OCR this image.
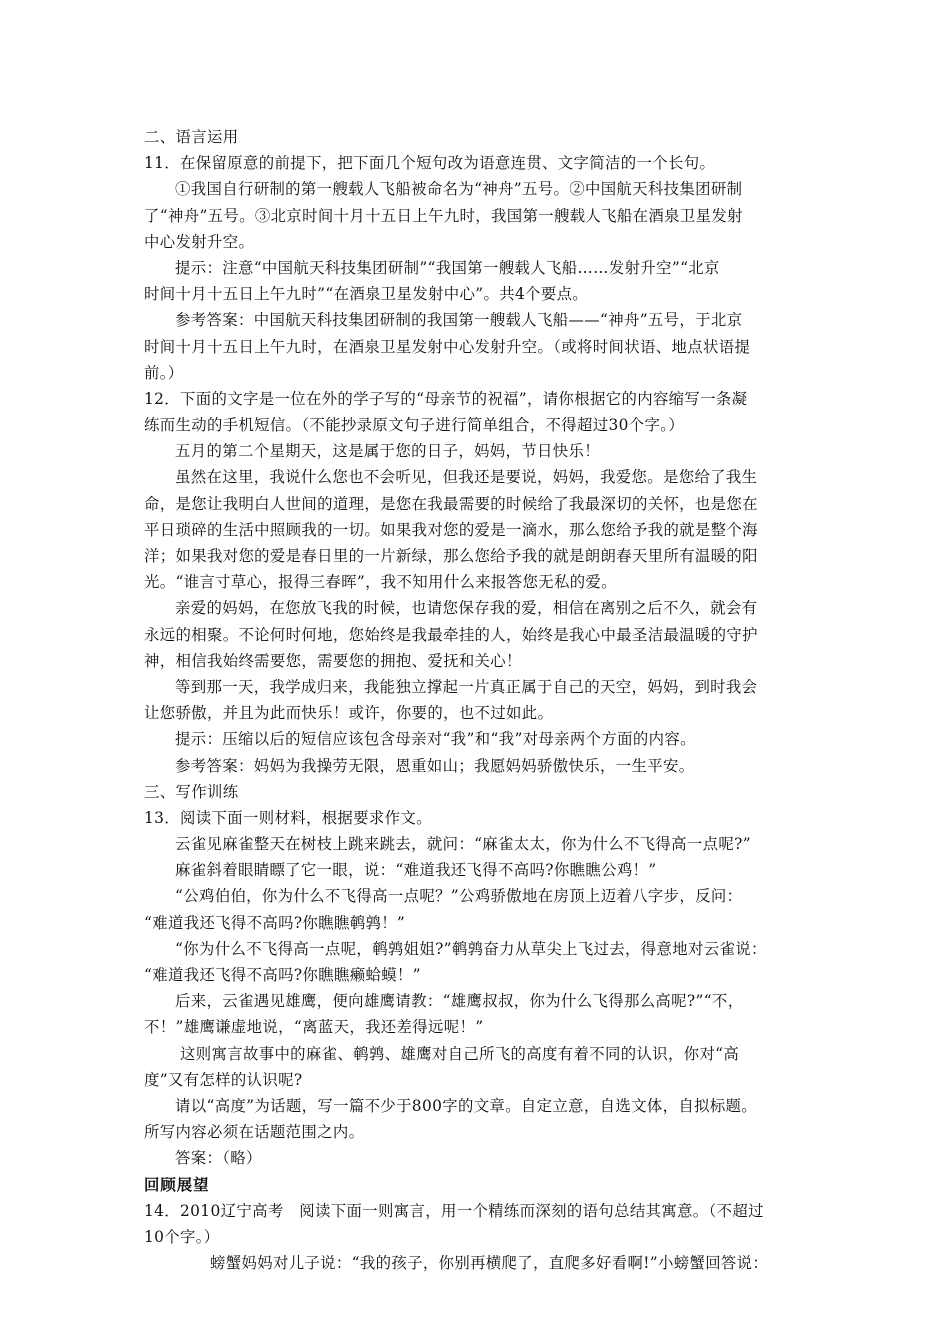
二、语言运用
11．在保留原意的前提下，把下面几个短句改为语意连贯、文字简洁的一个长句。
①我国自行研制的第一艘载人飞船被命名为“神舟”五号。②中国航天科技集团研制
了“神舟”五号。③北京时间十月十五日上午九时，我国第一艘载人飞船在酒泉卫星发射
中心发射升空。
提示：注意“中国航天科技集团研制”“我国第一艘载人飞船……发射升空”“北京
时间十月十五日上午九时”“在酒泉卫星发射中心”。共4个要点。
参考答案：中国航天科技集团研制的我国第一艘载人飞船——“神舟”五号，于北京
时间十月十五日上午九时，在酒泉卫星发射中心发射升空。（或将时间状语、地点状语提
前。）
12．下面的文字是一位在外的学子写的“母亲节的祝福”，请你根据它的内容缩写一条凝
练而生动的手机短信。（不能抄录原文句子进行简单组合，不得超过30个字。）
五月的第二个星期天，这是属于您的日子，妈妈，节日快乐！
虽然在这里，我说什么您也不会听见，但我还是要说，妈妈，我爱您。是您给了我生
命，是您让我明白人世间的道理，是您在我最需要的时候给了我最深切的关怀，也是您在
平日琐碎的生活中照顾我的一切。如果我对您的爱是一滴水，那么您给予我的就是整个海
洋；如果我对您的爱是春日里的一片新绿，那么您给予我的就是朗朗春天里所有温暖的阳
光。“谁言寸草心，报得三春晖”，我不知用什么来报答您无私的爱。
亲爱的妈妈，在您放飞我的时候，也请您保存我的爱，相信在离别之后不久，就会有
永远的相聚。不论何时何地，您始终是我最牵挂的人，始终是我心中最圣洁最温暖的守护
神，相信我始终需要您，需要您的拥抱、爱抚和关心！
等到那一天，我学成归来，我能独立撑起一片真正属于自己的天空，妈妈，到时我会
让您骄傲，并且为此而快乐！或许，你要的，也不过如此。
提示：压缩以后的短信应该包含母亲对“我”和“我”对母亲两个方面的内容。
参考答案：妈妈为我操劳无限，恩重如山；我愿妈妈骄傲快乐，一生平安。
三、写作训练
13．阅读下面一则材料，根据要求作文。
云雀见麻雀整天在树枝上跳来跳去，就问：“麻雀太太，你为什么不飞得高一点呢?”
麻雀斜着眼睛瞟了它一眼，说：“难道我还飞得不高吗?你瞧瞧公鸡！”
“公鸡伯伯，你为什么不飞得高一点呢？”公鸡骄傲地在房顶上迈着八字步，反问：
“难道我还飞得不高吗?你瞧瞧鹌鹑！”
“你为什么不飞得高一点呢，鹌鹑姐姐?”鹌鹑奋力从草尖上飞过去，得意地对云雀说：
“难道我还飞得不高吗?你瞧瞧癞蛤蟆！”
后来，云雀遇见雄鹰，便向雄鹰请教：“雄鹰叔叔，你为什么飞得那么高呢?”“不，
不！”雄鹰谦虚地说，“离蓝天，我还差得远呢！”
这则寓言故事中的麻雀、鹌鹑、雄鹰对自己所飞的高度有着不同的认识，你对“高
度”又有怎样的认识呢?
请以“高度”为话题，写一篇不少于800字的文章。自定立意，自选文体，自拟标题。
所写内容必须在话题范围之内。
答案：（略）
回顾展望
14．2010辽宁高考　阅读下面一则寓言，用一个精练而深刻的语句总结其寓意。（不超过
10个字。）
螃蟹妈妈对儿子说：“我的孩子，你别再横爬了，直爬多好看啊!”小螃蟹回答说：
